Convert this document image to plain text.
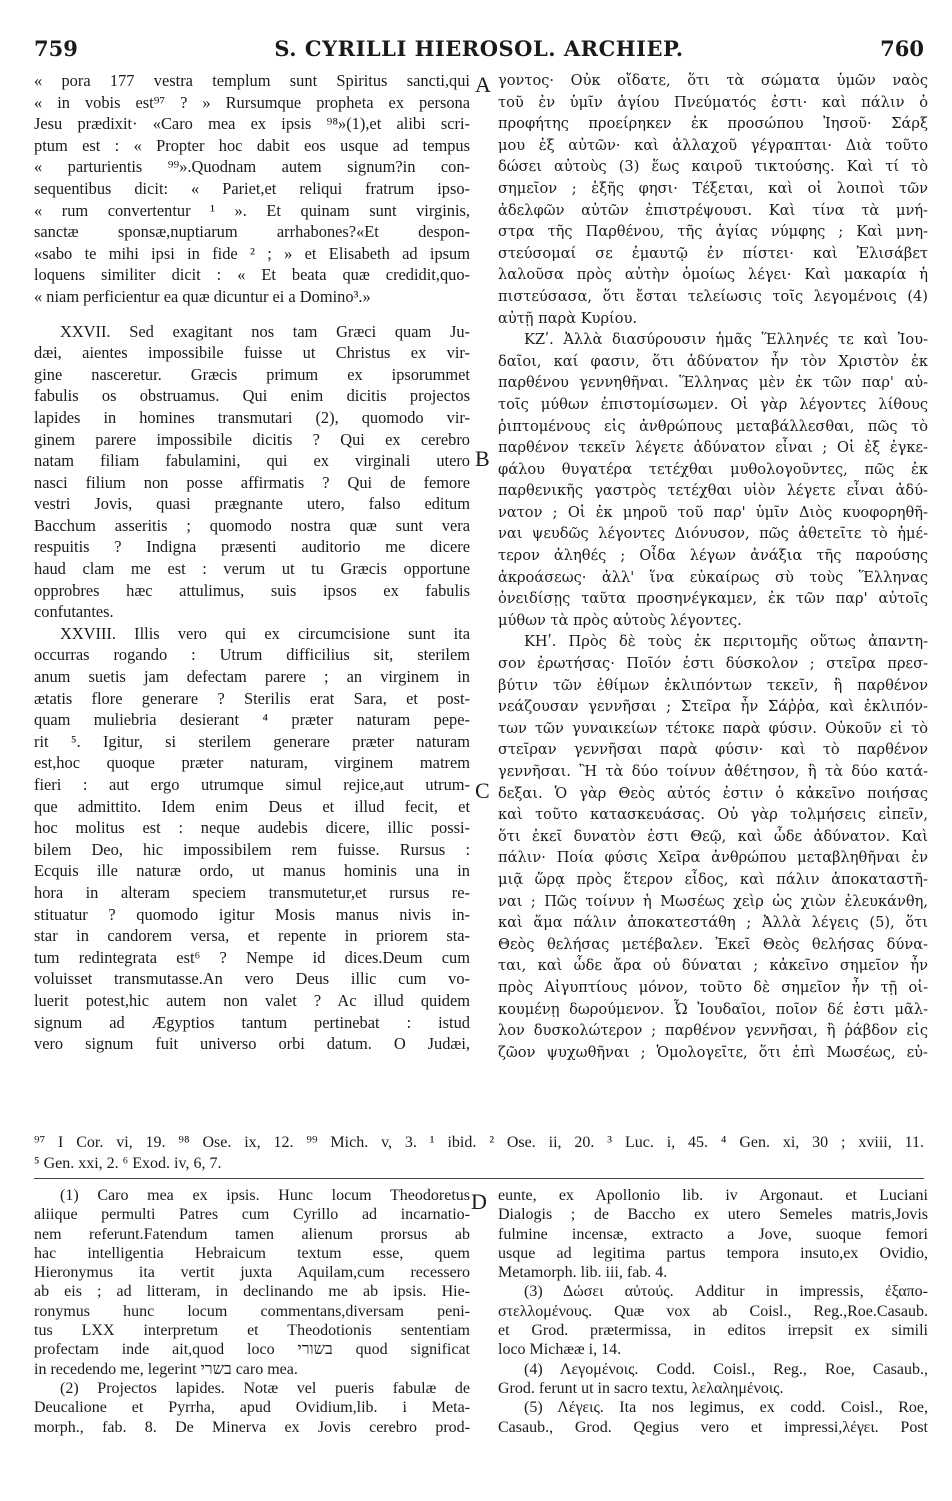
759	S. CYRILLI HIEROSOL. ARCHIEP.	760
« pora 177 vestra templum sunt Spiritus sancti,qui
« in vobis est⁹⁷ ? » Rursumque propheta ex persona
Jesu prædixit· «Caro mea ex ipsis ⁹⁸»(1),et alibi scri-
ptum est : « Propter hoc dabit eos usque ad tempus
« parturientis ⁹⁹».Quodnam autem signum?in con-
sequentibus dicit: « Pariet,et reliqui fratrum ipso-
« rum convertentur ¹ ». Et quinam sunt virginis,
sanctæ sponsæ,nuptiarum arrhabones?«Et despon-
«sabo te mihi ipsi in fide ² ; » et Elisabeth ad ipsum
loquens similiter dicit : « Et beata quæ credidit,quo-
« niam perficientur ea quæ dicuntur ei a Domino³.»
XXVII. Sed exagitant nos tam Græci quam Ju-
dæi, aientes impossibile fuisse ut Christus ex vir-
gine nasceretur. Græcis primum ex ipsorummet
fabulis os obstruamus. Qui enim dicitis projectos
lapides in homines transmutari (2), quomodo vir-
ginem parere impossibile dicitis ? Qui ex cerebro
natam filiam fabulamini, qui ex virginali utero
nasci filium non posse affirmatis ? Qui de femore
vestri Jovis, quasi prægnante utero, falso editum
Bacchum asseritis ; quomodo nostra quæ sunt vera
respuitis ? Indigna præsenti auditorio me dicere
haud clam me est : verum ut tu Græcis opportune
opprobres hæc attulimus, suis ipsos ex fabulis
confutantes.
XXVIII. Illis vero qui ex circumcisione sunt ita
occurras rogando : Utrum difficilius sit, sterilem
anum suetis jam defectam parere ; an virginem in
ætatis flore generare ? Sterilis erat Sara, et post-
quam muliebria desierant ⁴ præter naturam pepe-
rit ⁵. Igitur, si sterilem generare præter naturam
est,hoc quoque præter naturam, virginem matrem
fieri : aut ergo utrumque simul rejice,aut utrum-
que admittito. Idem enim Deus et illud fecit, et
hoc molitus est : neque audebis dicere, illic possi-
bilem Deo, hic impossibilem rem fuisse. Rursus :
Ecquis ille naturæ ordo, ut manus hominis una in
hora in alteram speciem transmutetur,et rursus re-
stituatur ? quomodo igitur Mosis manus nivis in-
star in candorem versa, et repente in priorem sta-
tum redintegrata est⁶ ? Nempe id dices.Deum cum
voluisset transmutasse.An vero Deus illic cum vo-
luerit potest,hic autem non valet ? Ac illud quidem
signum ad Ægyptios tantum pertinebat : istud
vero signum fuit universo orbi datum. O Judæi,
γοντος· Οὐκ οἴδατε, ὅτι τὰ σώματα ὑμῶν ναὸς
τοῦ ἐν ὑμῖν ἁγίου Πνεύματός ἐστι· καὶ πάλιν ὁ
προφήτης προείρηκεν ἐκ προσώπου Ἰησοῦ· Σάρξ
μου ἐξ αὐτῶν· καὶ ἀλλαχοῦ γέγραπται· Διὰ τοῦτο
δώσει αὐτοὺς (3) ἕως καιροῦ τικτούσης. Καὶ τί τὸ
σημεῖον ; ἑξῆς φησι· Τέξεται, καὶ οἱ λοιποὶ τῶν
ἀδελφῶν αὐτῶν ἐπιστρέψουσι. Καὶ τίνα τὰ μνή-
στρα τῆς Παρθένου, τῆς ἁγίας νύμφης ; Καὶ μνη-
στεύσομαί σε ἐμαυτῷ ἐν πίστει· καὶ Ἐλισάβετ
λαλοῦσα πρὸς αὐτὴν ὁμοίως λέγει· Καὶ μακαρία ἡ
πιστεύσασα, ὅτι ἔσται τελείωσις τοῖς λεγομένοις (4)
αὐτῇ παρὰ Κυρίου.
ΚΖʹ. Ἀλλὰ διασύρουσιν ἡμᾶς Ἕλληνές τε καὶ Ἰου-
δαῖοι, καί φασιν, ὅτι ἀδύνατον ἦν τὸν Χριστὸν ἐκ
παρθένου γεννηθῆναι. Ἕλληνας μὲν ἐκ τῶν παρ' αὐ-
τοῖς μύθων ἐπιστομίσωμεν. Οἱ γὰρ λέγοντες λίθους
ῥιπτομένους εἰς ἀνθρώπους μεταβάλλεσθαι, πῶς τὸ
παρθένον τεκεῖν λέγετε ἀδύνατον εἶναι ; Οἱ ἐξ ἐγκε-
φάλου θυγατέρα τετέχθαι μυθολογοῦντες, πῶς ἐκ
παρθενικῆς γαστρὸς τετέχθαι υἱὸν λέγετε εἶναι ἀδύ-
νατον ; Οἱ ἐκ μηροῦ τοῦ παρ' ὑμῖν Διὸς κυοφορηθῆ-
ναι ψευδῶς λέγοντες Διόνυσον, πῶς ἀθετεῖτε τὸ ἡμέ-
τερον ἀληθές ; Οἶδα λέγων ἀνάξια τῆς παρούσης
ἀκροάσεως· ἀλλ' ἵνα εὐκαίρως σὺ τοὺς Ἕλληνας
ὀνειδίσῃς ταῦτα προσηνέγκαμεν, ἐκ τῶν παρ' αὐτοῖς
μύθων τὰ πρὸς αὐτοὺς λέγοντες.
ΚΗʹ. Πρὸς δὲ τοὺς ἐκ περιτομῆς οὕτως ἀπαντη-
σον ἐρωτήσας· Ποῖόν ἐστι δύσκολον ; στεῖρα πρεσ-
βύτιν τῶν ἐθίμων ἐκλιπόντων τεκεῖν, ἢ παρθένον
νεάζουσαν γεννῆσαι ; Στεῖρα ἦν Σάῤῥα, καὶ ἐκλιπόν-
των τῶν γυναικείων τέτοκε παρὰ φύσιν. Οὐκοῦν εἰ τὸ
στεῖραν γεννῆσαι παρὰ φύσιν· καὶ τὸ παρθένον
γεννῆσαι. Ἢ τὰ δύο τοίνυν ἀθέτησον, ἢ τὰ δύο κατά-
δεξαι. Ὁ γὰρ Θεὸς αὐτός ἐστιν ὁ κἀκεῖνο ποιήσας
καὶ τοῦτο κατασκευάσας. Οὐ γὰρ τολμήσεις εἰπεῖν,
ὅτι ἐκεῖ δυνατὸν ἐστι Θεῷ, καὶ ὧδε ἀδύνατον. Καὶ
πάλιν· Ποία φύσις Χεῖρα ἀνθρώπου μεταβληθῆναι ἐν
μιᾷ ὥρᾳ πρὸς ἕτερον εἶδος, καὶ πάλιν ἀποκαταστῆ-
ναι ; Πῶς τοίνυν ἡ Μωσέως χεὶρ ὡς χιὼν ἐλευκάνθη,
καὶ ἅμα πάλιν ἀποκατεστάθη ; Ἀλλὰ λέγεις (5), ὅτι
Θεὸς θελήσας μετέβαλεν. Ἐκεῖ Θεὸς θελήσας δύνα-
ται, καὶ ὧδε ἄρα οὐ δύναται ; κἀκεῖνο σημεῖον ἦν
πρὸς Αἰγυπτίους μόνον, τοῦτο δὲ σημεῖον ἦν τῇ οἰ-
κουμένῃ δωρούμενον. Ὦ Ἰουδαῖοι, ποῖον δέ ἐστι μᾶλ-
λον δυσκολώτερον ; παρθένον γεννῆσαι, ἢ ῥάβδον εἰς
ζῶον ψυχωθῆναι ; Ὁμολογεῖτε, ὅτι ἐπὶ Μωσέως, εὐ-
A
B
C
D
⁹⁷ I Cor. vi, 19. ⁹⁸ Ose. ix, 12. ⁹⁹ Mich. v, 3. ¹ ibid. ² Ose. ii, 20. ³ Luc. i, 45. ⁴ Gen. xi, 30 ; xviii, 11.
⁵ Gen. xxi, 2. ⁶ Exod. iv, 6, 7.
(1) Caro mea ex ipsis. Hunc locum Theodoretus
aliique permulti Patres cum Cyrillo ad incarnatio-
nem referunt.Fatendum tamen alienum prorsus ab
hac intelligentia Hebraicum textum esse, quem
Hieronymus ita vertit juxta Aquilam,cum recessero
ab eis ; ad litteram, in declinando me ab ipsis. Hie-
ronymus hunc locum commentans,diversam peni-
tus LXX interpretum et Theodotionis sententiam
profectam inde ait,quod loco בשורי quod significat
in recedendo me, legerint בשרי caro mea.
(2) Projectos lapides. Notæ vel pueris fabulæ de
Deucalione et Pyrrha, apud Ovidium,lib. i Meta-
morph., fab. 8. De Minerva ex Jovis cerebro prod-
eunte, ex Apollonio lib. iv Argonaut. et Luciani
Dialogis ; de Baccho ex utero Semeles matris,Jovis
fulmine incensæ, extracto a Jove, suoque femori
usque ad legitima partus tempora insuto,ex Ovidio,
Metamorph. lib. iii, fab. 4.
(3) Δώσει αὐτούς. Additur in impressis, ἐξαπο-
στελλομένους. Quæ vox ab Coisl., Reg.,Roe.Casaub.
et Grod. prætermissa, in editos irrepsit ex simili
loco Michææ i, 14.
(4) Λεγομένοις. Codd. Coisl., Reg., Roe, Casaub.,
Grod. ferunt ut in sacro textu, λελαλημένοις.
(5) Λέγεις. Ita nos legimus, ex codd. Coisl., Roe,
Casaub., Grod. Qegius vero et impressi,λέγει. Post
